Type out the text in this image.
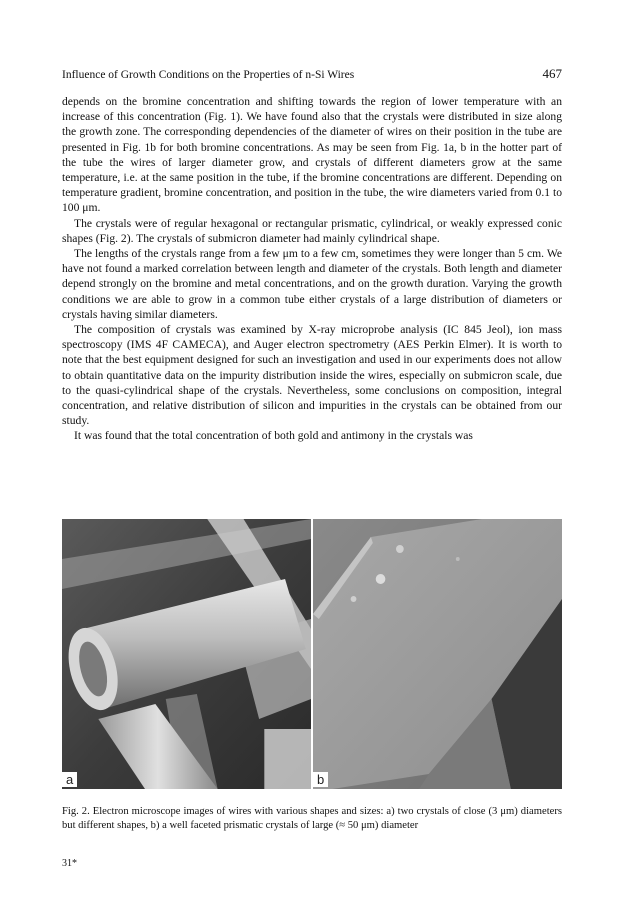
Influence of Growth Conditions on the Properties of n-Si Wires	467

depends on the bromine concentration and shifting towards the region of lower temperature with an increase of this concentration (Fig. 1). We have found also that the crystals were distributed in size along the growth zone. The corresponding dependencies of the diameter of wires on their position in the tube are presented in Fig. 1b for both bromine concentrations. As may be seen from Fig. 1a, b in the hotter part of the tube the wires of larger diameter grow, and crystals of different diameters grow at the same temperature, i.e. at the same position in the tube, if the bromine concentrations are different. Depending on temperature gradient, bromine concentration, and position in the tube, the wire diameters varied from 0.1 to 100 μm.

The crystals were of regular hexagonal or rectangular prismatic, cylindrical, or weakly expressed conic shapes (Fig. 2). The crystals of submicron diameter had mainly cylindrical shape.

The lengths of the crystals range from a few μm to a few cm, sometimes they were longer than 5 cm. We have not found a marked correlation between length and diameter of the crystals. Both length and diameter depend strongly on the bromine and metal concentrations, and on the growth duration. Varying the growth conditions we are able to grow in a common tube either crystals of a large distribution of diameters or crystals having similar diameters.

The composition of crystals was examined by X-ray microprobe analysis (IC 845 Jeol), ion mass spectroscopy (IMS 4F CAMECA), and Auger electron spectrometry (AES Perkin Elmer). It is worth to note that the best equipment designed for such an investigation and used in our experiments does not allow to obtain quantitative data on the impurity distribution inside the wires, especially on submicron scale, due to the quasi-cylindrical shape of the crystals. Nevertheless, some conclusions on composition, integral concentration, and relative distribution of silicon and impurities in the crystals can be obtained from our study.

It was found that the total concentration of both gold and antimony in the crystals was

a	b
Fig. 2. Electron microscope images of wires with various shapes and sizes: a) two crystals of close (3 μm) diameters but different shapes, b) a well faceted prismatic crystals of large (≈ 50 μm) diameter
31*
